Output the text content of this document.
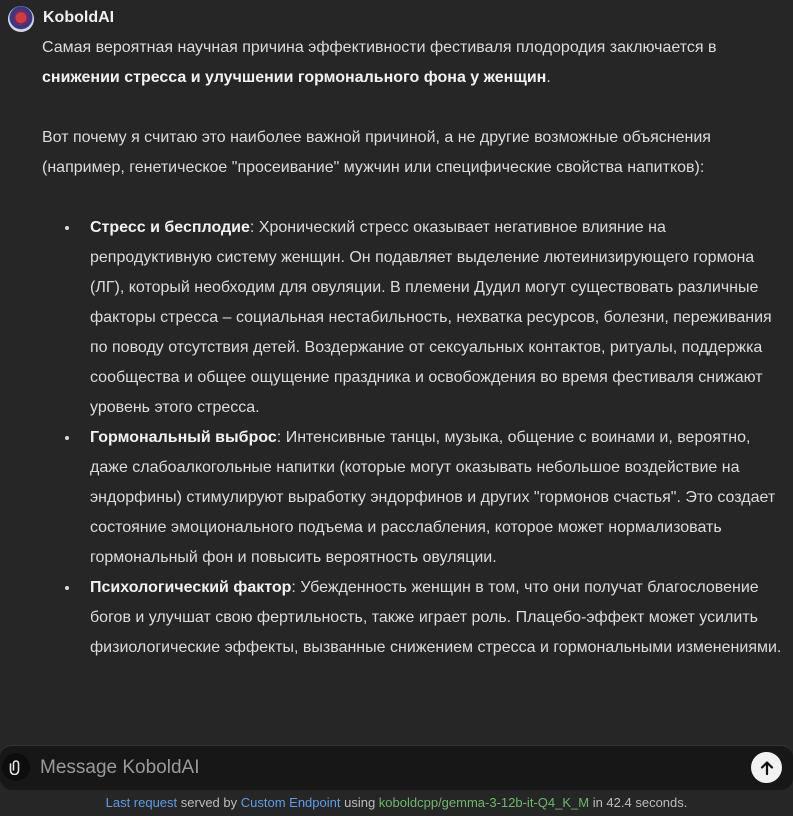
KoboldAI

Самая вероятная научная причина эффективности фестиваля плодородия заключается в снижении стресса и улучшении гормонального фона у женщин.

Вот почему я считаю это наиболее важной причиной, а не другие возможные объяснения (например, генетическое "просеивание" мужчин или специфические свойства напитков):

• Стресс и бесплодие: Хронический стресс оказывает негативное влияние на репродуктивную систему женщин. Он подавляет выделение лютеинизирующего гормона (ЛГ), который необходим для овуляции. В племени Дудил могут существовать различные факторы стресса – социальная нестабильность, нехватка ресурсов, болезни, переживания по поводу отсутствия детей. Воздержание от сексуальных контактов, ритуалы, поддержка сообщества и общее ощущение праздника и освобождения во время фестиваля снижают уровень этого стресса.
• Гормональный выброс: Интенсивные танцы, музыка, общение с воинами и, вероятно, даже слабоалкогольные напитки (которые могут оказывать небольшое воздействие на эндорфины) стимулируют выработку эндорфинов и других "гормонов счастья". Это создает состояние эмоционального подъема и расслабления, которое может нормализовать гормональный фон и повысить вероятность овуляции.
• Психологический фактор: Убежденность женщин в том, что они получат благословение богов и улучшат свою фертильность, также играет роль. Плацебо-эффект может усилить физиологические эффекты, вызванные снижением стресса и гормональными изменениями.
Message KoboldAI
Last request served by Custom Endpoint using koboldcpp/gemma-3-12b-it-Q4_K_M in 42.4 seconds.
